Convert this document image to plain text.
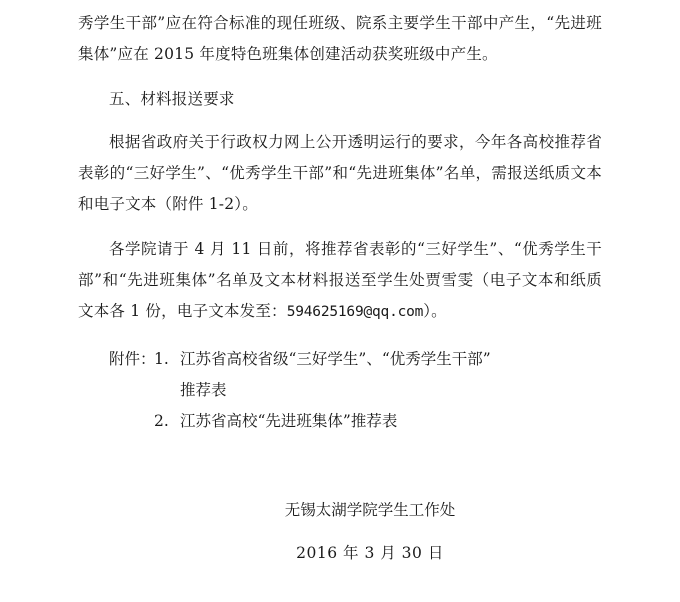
秀学生干部”应在符合标准的现任班级、院系主要学生干部中产生，“先进班集体”应在 2015 年度特色班集体创建活动获奖班级中产生。

五、材料报送要求

根据省政府关于行政权力网上公开透明运行的要求，今年各高校推荐省表彰的“三好学生”、“优秀学生干部”和“先进班集体”名单，需报送纸质文本和电子文本（附件 1-2）。

各学院请于 4 月 11 日前，将推荐省表彰的“三好学生”、“优秀学生干部”和“先进班集体”名单及文本材料报送至学生处贾雪雯（电子文本和纸质文本各 1 份，电子文本发至：594625169@qq.com）。

附件：
1. 江苏省高校省级“三好学生”、“优秀学生干部”
推荐表
2. 江苏省高校“先进班集体”推荐表
无锡太湖学院学生工作处
2016 年 3 月 30 日
